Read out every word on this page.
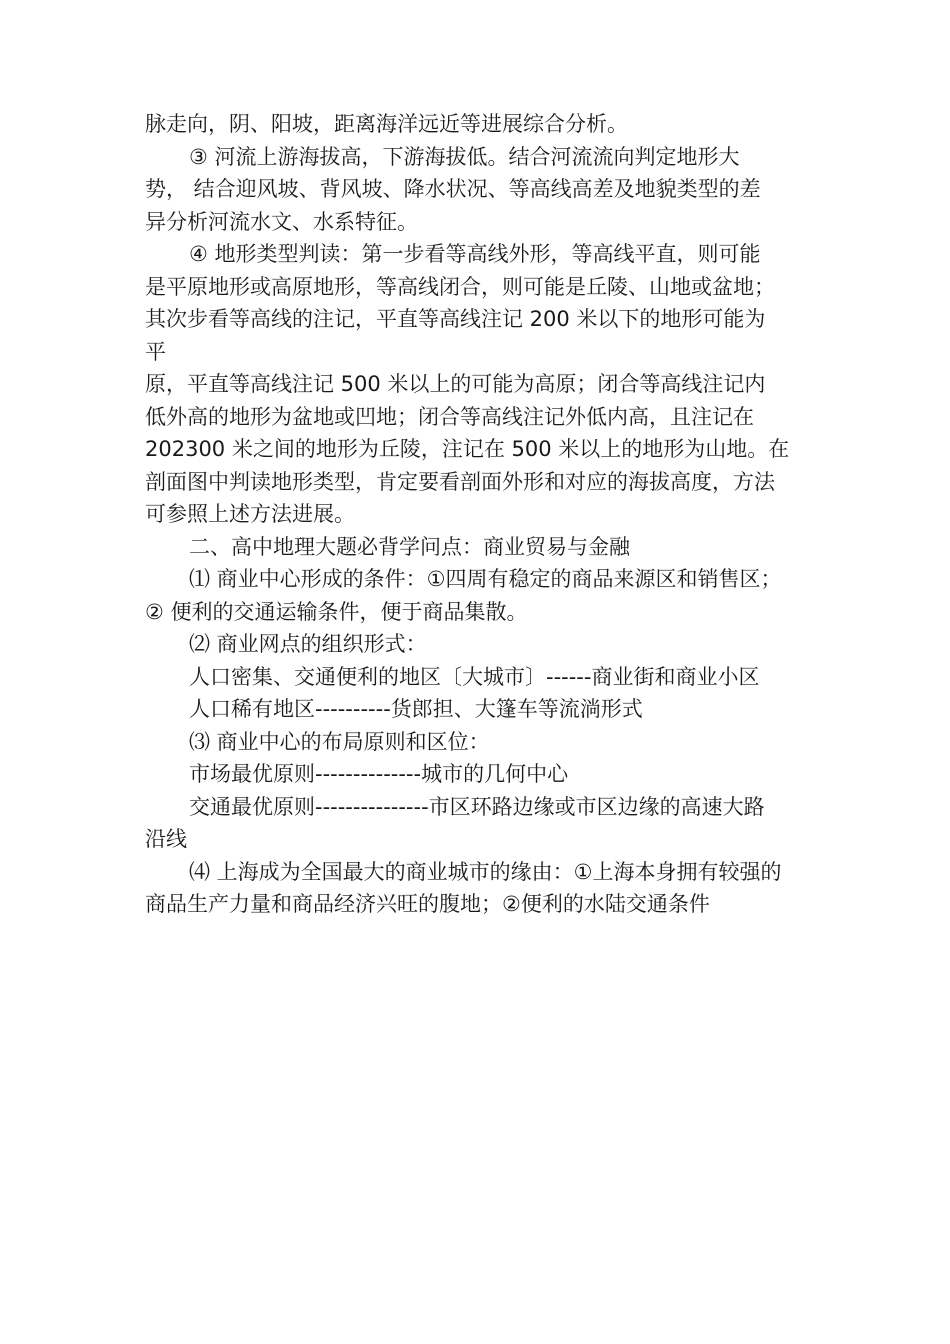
脉走向，阴、阳坡，距离海洋远近等进展综合分析。
③ 河流上游海拔高，下游海拔低。结合河流流向判定地形大
势， 结合迎风坡、背风坡、降水状况、等高线高差及地貌类型的差
异分析河流水文、水系特征。
④ 地形类型判读：第一步看等高线外形，等高线平直，则可能
是平原地形或高原地形，等高线闭合，则可能是丘陵、山地或盆地；
其次步看等高线的注记，平直等高线注记 200 米以下的地形可能为
平
原，平直等高线注记 500 米以上的可能为高原；闭合等高线注记内
低外高的地形为盆地或凹地；闭合等高线注记外低内高，且注记在
202300 米之间的地形为丘陵，注记在 500 米以上的地形为山地。在
剖面图中判读地形类型，肯定要看剖面外形和对应的海拔高度，方法
可参照上述方法进展。
二、高中地理大题必背学问点：商业贸易与金融
⑴ 商业中心形成的条件：①四周有稳定的商品来源区和销售区；
② 便利的交通运输条件，便于商品集散。
⑵ 商业网点的组织形式：
人口密集、交通便利的地区〔大城市〕------商业街和商业小区
人口稀有地区----------货郎担、大篷车等流淌形式
⑶ 商业中心的布局原则和区位：
市场最优原则--------------城市的几何中心
交通最优原则---------------市区环路边缘或市区边缘的高速大路
沿线
⑷ 上海成为全国最大的商业城市的缘由：①上海本身拥有较强的
商品生产力量和商品经济兴旺的腹地；②便利的水陆交通条件
